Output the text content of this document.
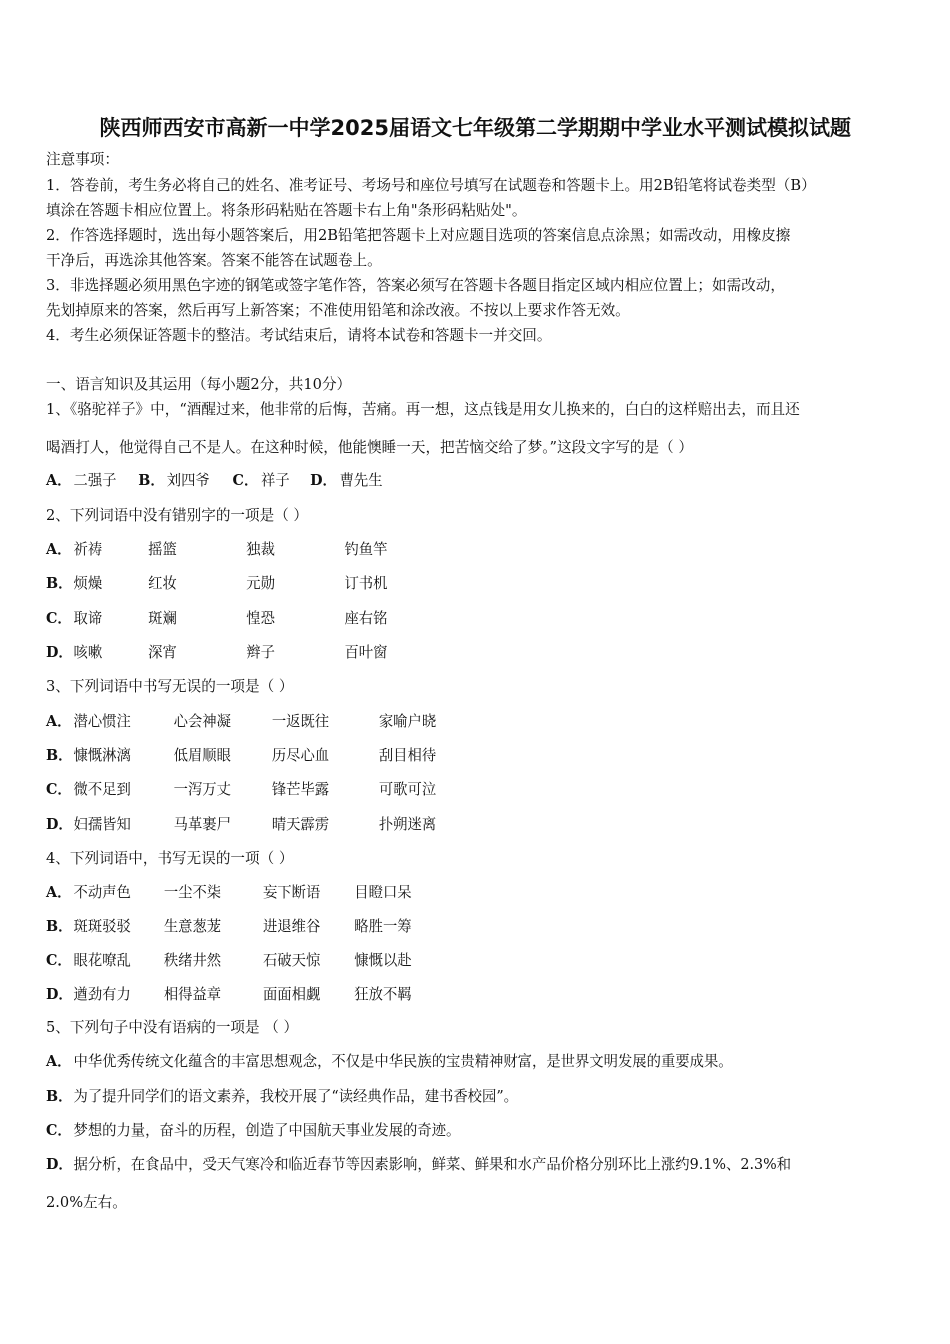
陕西师西安市高新一中学2025届语文七年级第二学期期中学业水平测试模拟试题
注意事项：
1．答卷前，考生务必将自己的姓名、准考证号、考场号和座位号填写在试题卷和答题卡上。用2B铅笔将试卷类型（B）
填涂在答题卡相应位置上。将条形码粘贴在答题卡右上角"条形码粘贴处"。
2．作答选择题时，选出每小题答案后，用2B铅笔把答题卡上对应题目选项的答案信息点涂黑；如需改动，用橡皮擦
干净后，再选涂其他答案。答案不能答在试题卷上。
3．非选择题必须用黑色字迹的钢笔或签字笔作答，答案必须写在答题卡各题目指定区域内相应位置上；如需改动，
先划掉原来的答案，然后再写上新答案；不准使用铅笔和涂改液。不按以上要求作答无效。
4．考生必须保证答题卡的整洁。考试结束后，请将本试卷和答题卡一并交回。
一、语言知识及其运用（每小题2分，共10分）
1、《骆驼祥子》中，“酒醒过来，他非常的后悔，苦痛。再一想，这点钱是用女儿换来的，白白的这样赔出去，而且还
喝酒打人，他觉得自己不是人。在这种时候，他能懊睡一天，把苦恼交给了梦。”这段文字写的是（ ）
A． 二强子 B． 刘四爷 C． 祥子 D． 曹先生
2、下列词语中没有错别字的一项是（ ）
A． 祈祷	摇篮	独裁	钓鱼竿
B． 烦燥	红妆	元勋	订书机
C． 取谛	斑斓	惶恐	座右铭
D． 咳嗽	深宵	辫子	百叶窗
3、下列词语中书写无误的一项是（ ）
A． 潜心惯注	心会神凝	一返既往	家喻户晓
B． 慷慨淋漓	低眉顺眼	历尽心血	刮目相待
C． 微不足到	一泻万丈	锋芒毕露	可歌可泣
D． 妇孺皆知	马革裹尸	晴天霹雳	扑朔迷离
4、下列词语中，书写无误的一项（ ）
A． 不动声色 一尘不柒	妄下断语 目瞪口呆
B． 斑斑驳驳 生意葱茏	进退维谷 略胜一筹
C． 眼花嘹乱 秩绪井然	石破天惊 慷慨以赴
D． 遒劲有力 相得益章	面面相觑 狂放不羁
5、下列句子中没有语病的一项是 （ ）
A． 中华优秀传统文化蕴含的丰富思想观念，不仅是中华民族的宝贵精神财富，是世界文明发展的重要成果。
B． 为了提升同学们的语文素养，我校开展了“读经典作品，建书香校园”。
C． 梦想的力量，奋斗的历程，创造了中国航天事业发展的奇迹。
D． 据分析，在食品中，受天气寒冷和临近春节等因素影响，鲜菜、鲜果和水产品价格分别环比上涨约9.1%、2.3%和
2.0%左右。
